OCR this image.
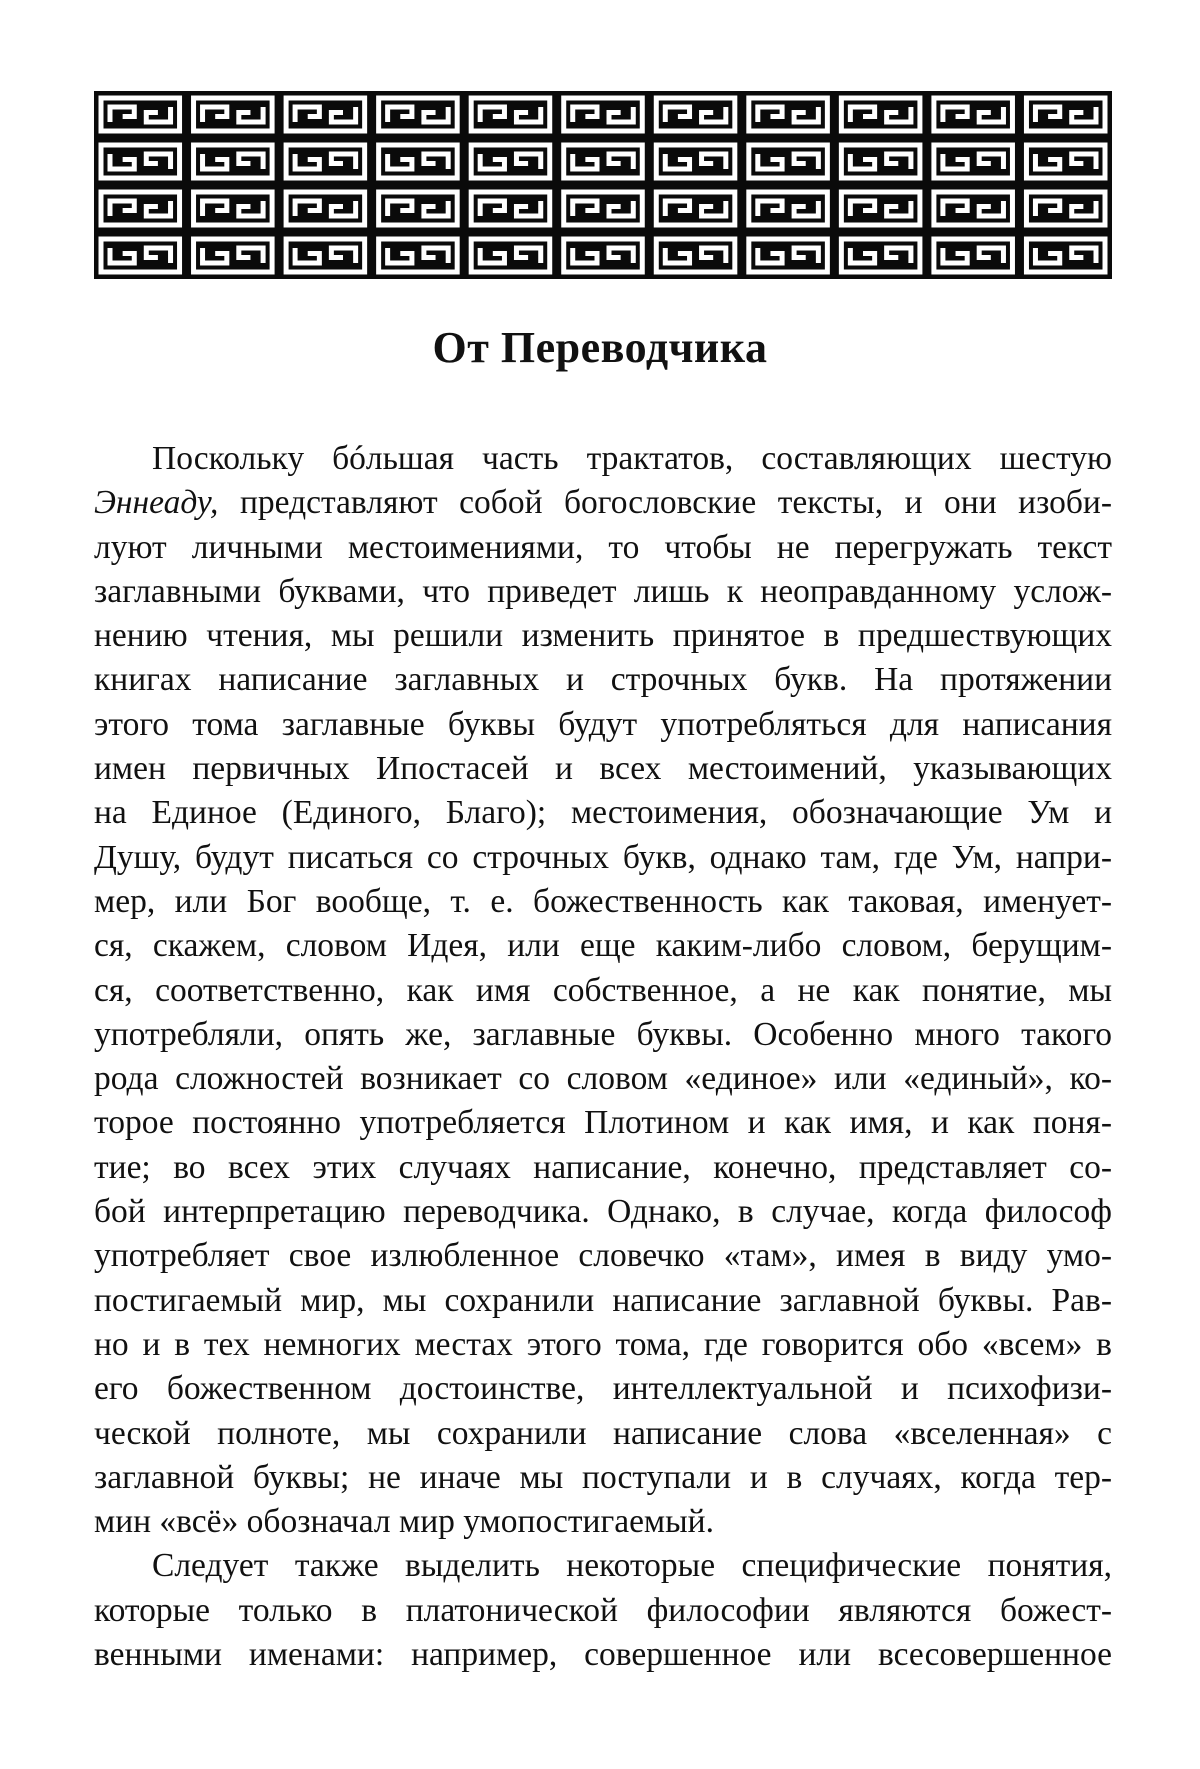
От Переводчика

Поскольку бóльшая часть трактатов, составляющих шестую
Эннеаду, представляют собой богословские тексты, и они изоби-
луют личными местоимениями, то чтобы не перегружать текст
заглавными буквами, что приведет лишь к неоправданному услож-
нению чтения, мы решили изменить принятое в предшествующих
книгах написание заглавных и строчных букв. На протяжении
этого тома заглавные буквы будут употребляться для написания
имен первичных Ипостасей и всех местоимений, указывающих
на Единое (Единого, Благо); местоимения, обозначающие Ум и
Душу, будут писаться со строчных букв, однако там, где Ум, напри-
мер, или Бог вообще, т. е. божественность как таковая, именует-
ся, скажем, словом Идея, или еще каким-либо словом, берущим-
ся, соответственно, как имя собственное, а не как понятие, мы
употребляли, опять же, заглавные буквы. Особенно много такого
рода сложностей возникает со словом «единое» или «единый», ко-
торое постоянно употребляется Плотином и как имя, и как поня-
тие; во всех этих случаях написание, конечно, представляет со-
бой интерпретацию переводчика. Однако, в случае, когда философ
употребляет свое излюбленное словечко «там», имея в виду умо-
постигаемый мир, мы сохранили написание заглавной буквы. Рав-
но и в тех немногих местах этого тома, где говорится обо «всем» в
его божественном достоинстве, интеллектуальной и психофизи-
ческой полноте, мы сохранили написание слова «вселенная» с
заглавной буквы; не иначе мы поступали и в случаях, когда тер-
мин «всё» обозначал мир умопостигаемый.

Следует также выделить некоторые специфические понятия,
которые только в платонической философии являются божест-
венными именами: например, совершенное или всесовершенное
